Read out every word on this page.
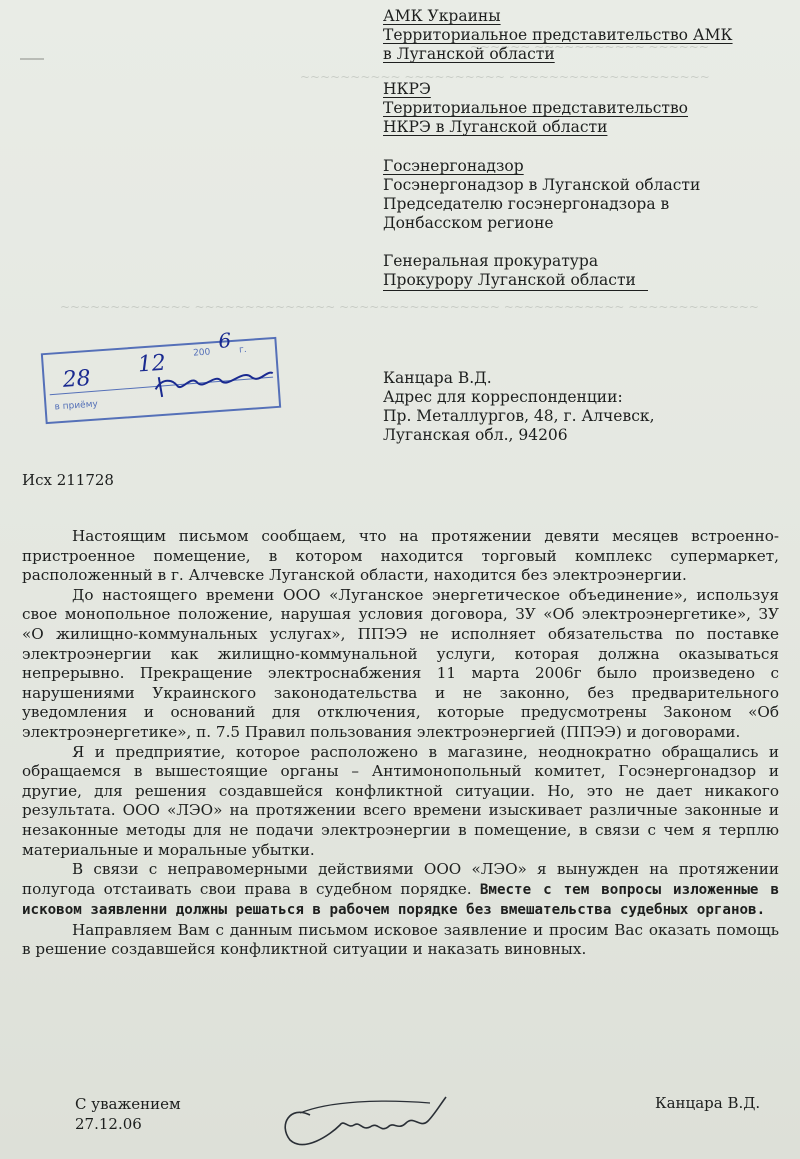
~~~~~~ ~~~~~~~~~~~ ~~~~~~
~~~~~~~~~~ ~~~~~~~~~~ ~~~~~~~~~~~~~~~~~~~~
~~~~~~~~~~~~~ ~~~~~~~~~~~~~~ ~~~~~~~~~~~~~~~~ ~~~~~~~~~~~~ ~~~~~~~~~~~~~
АМК Украины
Территориальное представительство АМК
в Луганской области
НКРЭ
Территориальное представительство
НКРЭ в Луганской области
Госэнергонадзор
Госэнергонадзор в Луганской области
Председателю госэнергонадзора в
Донбасском регионе
Генеральная прокуратура
Прокурору Луганской области
200
6 г.
28
12
в приёму
Канцара В.Д.
Адрес для корреспонденции:
Пр. Металлургов, 48, г. Алчевск,
Луганская обл., 94206
Исх 211728

Настоящим письмом сообщаем, что на протяжении девяти месяцев встроенно-пристроенное помещение, в котором находится торговый комплекс супермаркет, расположенный в г. Алчевске Луганской области, находится без электроэнергии.

До настоящего времени ООО «Луганское энергетическое объединение», используя свое монопольное положение, нарушая условия договора, ЗУ «Об электроэнергетике», ЗУ «О жилищно-коммунальных услугах», ППЭЭ не исполняет обязательства по поставке электроэнергии как жилищно-коммунальной услуги, которая должна оказываться непрерывно. Прекращение электроснабжения 11 марта 2006г было произведено с нарушениями Украинского законодательства и не законно, без предварительного уведомления и оснований для отключения, которые предусмотрены Законом «Об электроэнергетике», п. 7.5 Правил пользования электроэнергией (ППЭЭ) и договорами.

Я и предприятие, которое расположено в магазине, неоднократно обращались и обращаемся в вышестоящие органы – Антимонопольный комитет, Госэнергонадзор и другие, для решения создавшейся конфликтной ситуации. Но, это не дает никакого результата. ООО «ЛЭО» на протяжении всего времени изыскивает различные законные и незаконные методы для не подачи электроэнергии в помещение, в связи с чем я терплю материальные и моральные убытки.

В связи с неправомерными действиями ООО «ЛЭО» я вынужден на протяжении полугода отстаивать свои права в судебном порядке. Вместе с тем вопросы изложенные в исковом заявленни должны решаться в рабочем порядке без вмешательства судебных органов.

Направляем Вам с данным письмом исковое заявление и просим Вас оказать помощь в решение создавшейся конфликтной ситуации и наказать виновных.

С уважением
27.12.06
Канцара В.Д.
